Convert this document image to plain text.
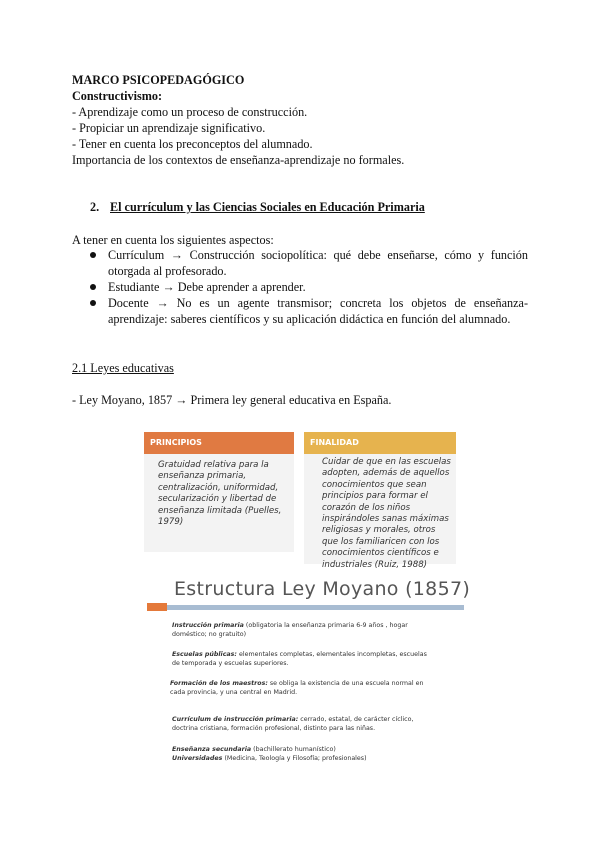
MARCO PSICOPEDAGÓGICO
Constructivismo:
- Aprendizaje como un proceso de construcción.
- Propiciar un aprendizaje significativo.
- Tener en cuenta los preconceptos del alumnado.
Importancia de los contextos de enseñanza-aprendizaje no formales.
2. El currículum y las Ciencias Sociales en Educación Primaria
A tener en cuenta los siguientes aspectos:
Currículum → Construcción sociopolítica: qué debe enseñarse, cómo y función otorgada al profesorado.
Estudiante → Debe aprender a aprender.
Docente → No es un agente transmisor; concreta los objetos de enseñanza-aprendizaje: saberes científicos y su aplicación didáctica en función del alumnado.
2.1 Leyes educativas
- Ley Moyano, 1857 → Primera ley general educativa en España.
PRINCIPIOS
Gratuidad relativa para la
enseñanza primaria,
centralización, uniformidad,
secularización y libertad de
enseñanza limitada (Puelles,
1979)
FINALIDAD
Cuidar de que en las escuelas
adopten, además de aquellos
conocimientos que sean
principios para formar el
corazón de los niños
inspirándoles sanas máximas
religiosas y morales, otros
que los familiaricen con los
conocimientos científicos e
industriales (Ruiz, 1988)
Estructura Ley Moyano (1857)
Instrucción primaria (obligatoria la enseñanza primaria 6-9 años , hogar
doméstico; no gratuito)
Escuelas públicas: elementales completas, elementales incompletas, escuelas
de temporada y escuelas superiores.
Formación de los maestros: se obliga la existencia de una escuela normal en
cada provincia, y una central en Madrid.
Currículum de instrucción primaria: cerrado, estatal, de carácter cíclico,
doctrina cristiana, formación profesional, distinto para las niñas.
Enseñanza secundaria (bachillerato humanístico)
Universidades (Medicina, Teología y Filosofía; profesionales)
